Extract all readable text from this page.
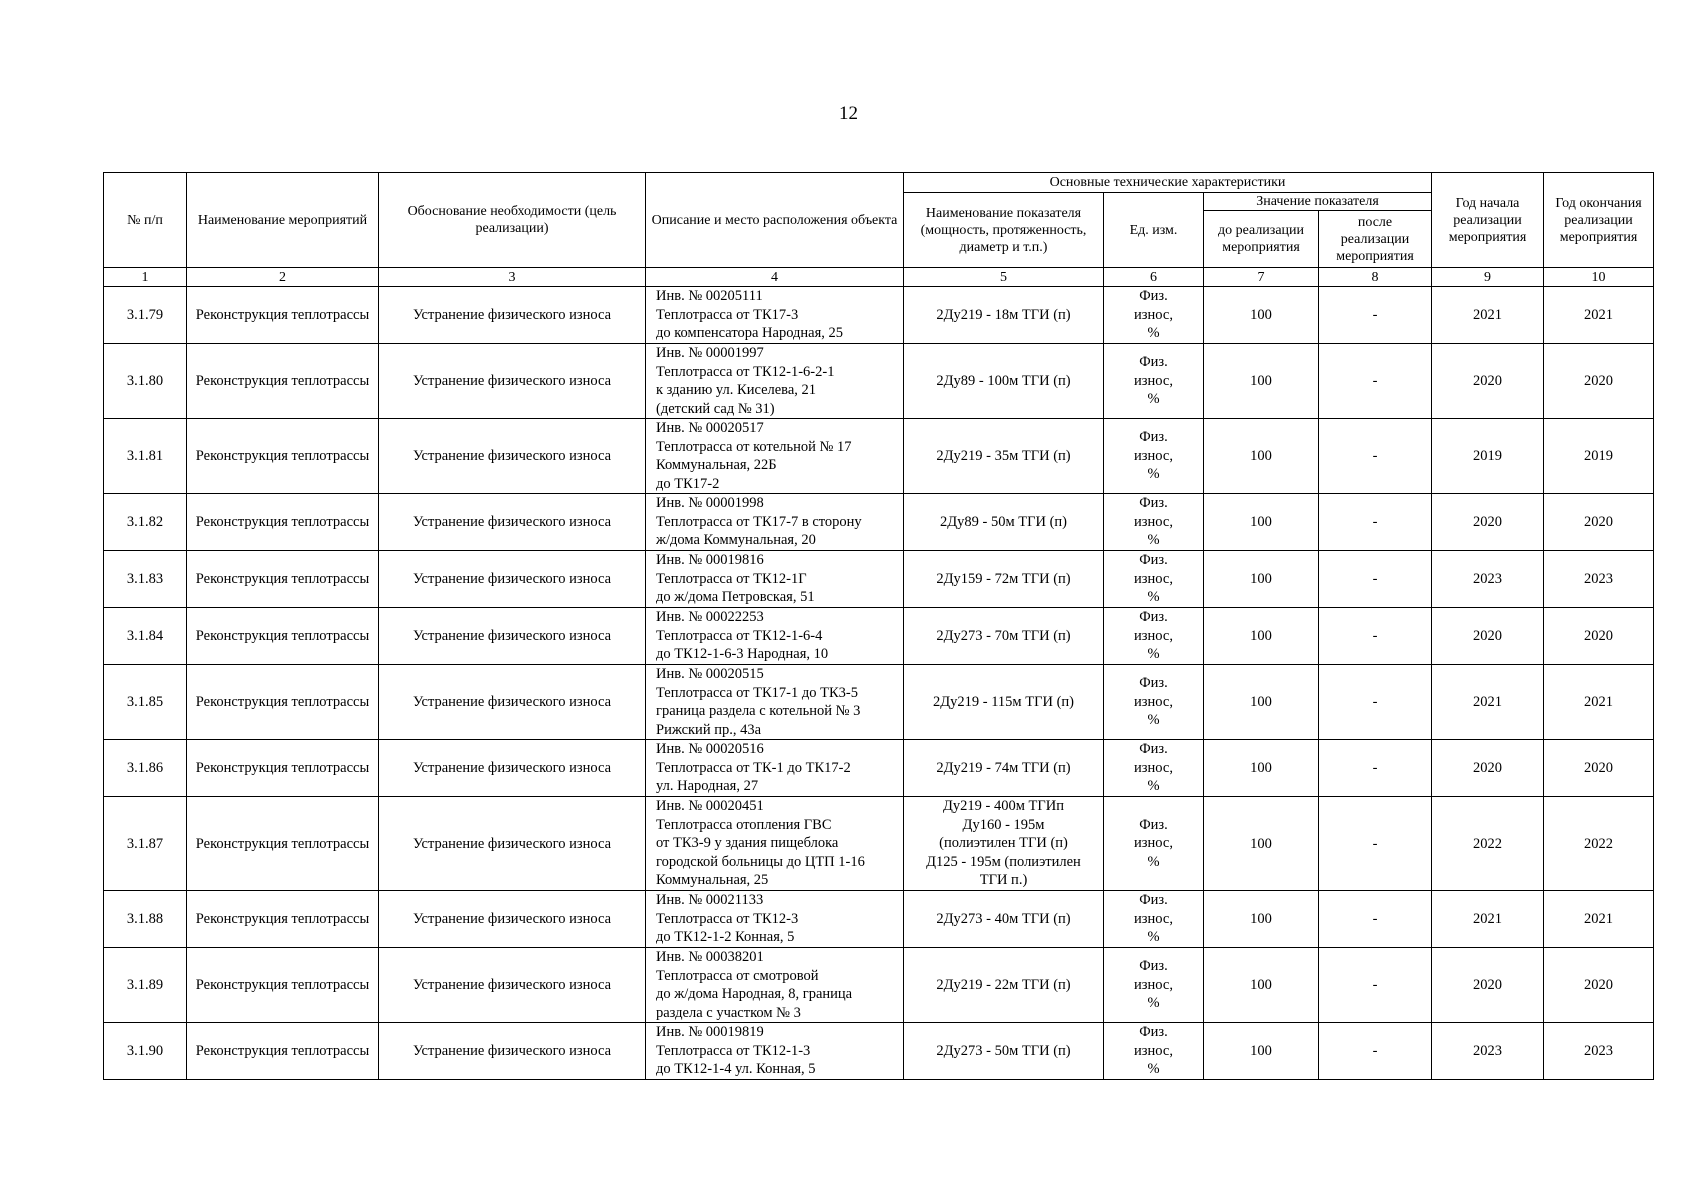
12
№ п/п	Наименование мероприятий	Обоснование необходимости (цель реализации)	Описание и место расположения объекта	Основные технические характеристики				Год начала реализации мероприятия	Год окончания реализации мероприятия
				Наименование показателя (мощность, протяженность, диаметр и т.п.)	Ед. изм.	Значение показателя			
						до реализации мероприятия	после реализации мероприятия		
1	2	3	4	5	6	7	8	9	10
3.1.79	Реконструкция теплотрассы	Устранение физического износа	Инв. № 00205111
Теплотрасса от ТК17-3
до компенсатора Народная, 25	2Ду219 - 18м ТГИ (п)	Физ.
износ,
%	100	-	2021	2021
3.1.80	Реконструкция теплотрассы	Устранение физического износа	Инв. № 00001997
Теплотрасса от ТК12-1-6-2-1
к зданию ул. Киселева, 21
(детский сад № 31)	2Ду89 - 100м ТГИ (п)	Физ.
износ,
%	100	-	2020	2020
3.1.81	Реконструкция теплотрассы	Устранение физического износа	Инв. № 00020517
Теплотрасса от котельной № 17
Коммунальная, 22Б
до ТК17-2	2Ду219 - 35м ТГИ (п)	Физ.
износ,
%	100	-	2019	2019
3.1.82	Реконструкция теплотрассы	Устранение физического износа	Инв. № 00001998
Теплотрасса от ТК17-7 в сторону
ж/дома Коммунальная, 20	2Ду89 - 50м ТГИ (п)	Физ.
износ,
%	100	-	2020	2020
3.1.83	Реконструкция теплотрассы	Устранение физического износа	Инв. № 00019816
Теплотрасса от ТК12-1Г
до ж/дома Петровская, 51	2Ду159 - 72м ТГИ (п)	Физ.
износ,
%	100	-	2023	2023
3.1.84	Реконструкция теплотрассы	Устранение физического износа	Инв. № 00022253
Теплотрасса от ТК12-1-6-4
до ТК12-1-6-3 Народная, 10	2Ду273 - 70м ТГИ (п)	Физ.
износ,
%	100	-	2020	2020
3.1.85	Реконструкция теплотрассы	Устранение физического износа	Инв. № 00020515
Теплотрасса от ТК17-1 до ТК3-5
граница раздела с котельной № 3
Рижский пр., 43а	2Ду219 - 115м ТГИ (п)	Физ.
износ,
%	100	-	2021	2021
3.1.86	Реконструкция теплотрассы	Устранение физического износа	Инв. № 00020516
Теплотрасса от ТК-1 до ТК17-2
ул. Народная, 27	2Ду219 - 74м ТГИ (п)	Физ.
износ,
%	100	-	2020	2020
3.1.87	Реконструкция теплотрассы	Устранение физического износа	Инв. № 00020451
Теплотрасса отопления ГВС
от ТК3-9 у здания пищеблока
городской больницы до ЦТП 1-16
Коммунальная, 25	Ду219 - 400м ТГИп
Ду160 - 195м
(полиэтилен ТГИ (п)
Д125 - 195м (полиэтилен
ТГИ п.)	Физ.
износ,
%	100	-	2022	2022
3.1.88	Реконструкция теплотрассы	Устранение физического износа	Инв. № 00021133
Теплотрасса от ТК12-3
до ТК12-1-2 Конная, 5	2Ду273 - 40м ТГИ (п)	Физ.
износ,
%	100	-	2021	2021
3.1.89	Реконструкция теплотрассы	Устранение физического износа	Инв. № 00038201
Теплотрасса от смотровой
до ж/дома Народная, 8, граница
раздела с участком № 3	2Ду219 - 22м ТГИ (п)	Физ.
износ,
%	100	-	2020	2020
3.1.90	Реконструкция теплотрассы	Устранение физического износа	Инв. № 00019819
Теплотрасса от ТК12-1-3
до ТК12-1-4 ул. Конная, 5	2Ду273 - 50м ТГИ (п)	Физ.
износ,
%	100	-	2023	2023
